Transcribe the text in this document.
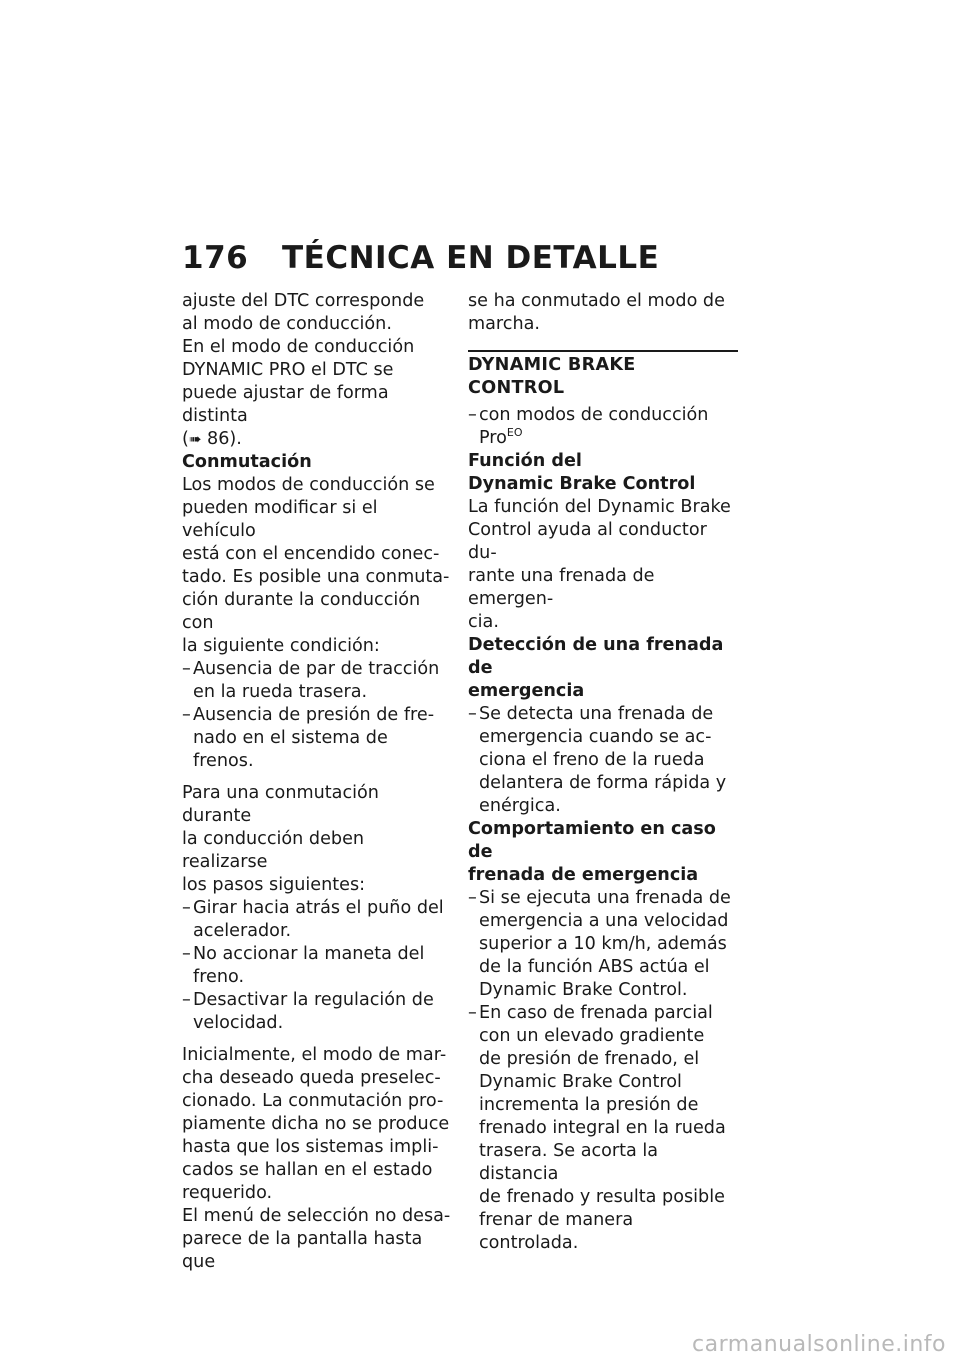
176 TÉCNICA EN DETALLE

ajuste del DTC corresponde

al modo de conducción.

En el modo de conducción

DYNAMIC PRO el DTC se

puede ajustar de forma distinta

(➠ 86).

Conmutación

Los modos de conducción se

pueden modificar si el vehículo

está con el encendido conec-

tado. Es posible una conmuta-

ción durante la conducción con

la siguiente condición:

– Ausencia de par de tracción
en la rueda trasera.
– Ausencia de presión de fre-
nado en el sistema de frenos.

Para una conmutación durante

la conducción deben realizarse

los pasos siguientes:

– Girar hacia atrás el puño del
acelerador.
– No accionar la maneta del
freno.
– Desactivar la regulación de
velocidad.

Inicialmente, el modo de mar-

cha deseado queda preselec-

cionado. La conmutación pro-

piamente dicha no se produce

hasta que los sistemas impli-

cados se hallan en el estado

requerido.

El menú de selección no desa-

parece de la pantalla hasta que

se ha conmutado el modo de

marcha.

DYNAMIC BRAKE CONTROL

– con modos de conducción
Pro$^{EO}$

Función del

Dynamic Brake Control

La función del Dynamic Brake

Control ayuda al conductor du-

rante una frenada de emergen-

cia.

Detección de una frenada de

emergencia

– Se detecta una frenada de
emergencia cuando se ac-
ciona el freno de la rueda
delantera de forma rápida y
enérgica.

Comportamiento en caso de

frenada de emergencia

– Si se ejecuta una frenada de
emergencia a una velocidad
superior a 10 km/h, además
de la función ABS actúa el
Dynamic Brake Control.
– En caso de frenada parcial
con un elevado gradiente
de presión de frenado, el
Dynamic Brake Control
incrementa la presión de
frenado integral en la rueda
trasera. Se acorta la distancia
de frenado y resulta posible
frenar de manera controlada.
carmanualsonline.info
